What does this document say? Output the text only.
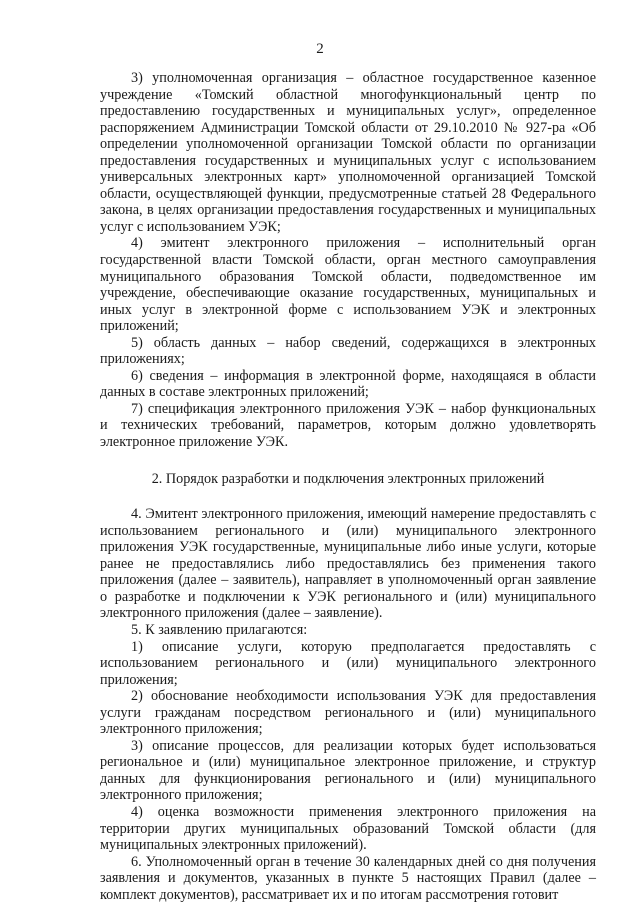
2

3) уполномоченная организация – областное государственное казенное учреждение «Томский областной многофункциональный центр по предоставлению государственных и муниципальных услуг», определенное распоряжением Администрации Томской области от 29.10.2010 № 927-ра «Об определении уполномоченной организации Томской области по организации предоставления государственных и муниципальных услуг с использованием универсальных электронных карт» уполномоченной организацией Томской области, осуществляющей функции, предусмотренные статьей 28 Федерального закона, в целях организации предоставления государственных и муниципальных услуг с использованием УЭК;

4) эмитент электронного приложения – исполнительный орган государственной власти Томской области, орган местного самоуправления муниципального образования Томской области, подведомственное им учреждение, обеспечивающие оказание государственных, муниципальных и иных услуг в электронной форме с использованием УЭК и электронных приложений;

5) область данных – набор сведений, содержащихся в электронных приложениях;

6) сведения – информация в электронной форме, находящаяся в области данных в составе электронных приложений;

7) спецификация электронного приложения УЭК – набор функциональных и технических требований, параметров, которым должно удовлетворять электронное приложение УЭК.

2. Порядок разработки и подключения электронных приложений

4. Эмитент электронного приложения, имеющий намерение предоставлять с использованием регионального и (или) муниципального электронного приложения УЭК государственные, муниципальные либо иные услуги, которые ранее не предоставлялись либо предоставлялись без применения такого приложения (далее – заявитель), направляет в уполномоченный орган заявление о разработке и подключении к УЭК регионального и (или) муниципального электронного приложения (далее – заявление).

5. К заявлению прилагаются:

1) описание услуги, которую предполагается предоставлять с использованием регионального и (или) муниципального электронного приложения;

2) обоснование необходимости использования УЭК для предоставления услуги гражданам посредством регионального и (или) муниципального электронного приложения;

3) описание процессов, для реализации которых будет использоваться региональное и (или) муниципальное электронное приложение, и структур данных для функционирования регионального и (или) муниципального электронного приложения;

4) оценка возможности применения электронного приложения на территории других муниципальных образований Томской области (для муниципальных электронных приложений).

6. Уполномоченный орган в течение 30 календарных дней со дня получения заявления и документов, указанных в пункте 5 настоящих Правил (далее – комплект документов), рассматривает их и по итогам рассмотрения готовит
